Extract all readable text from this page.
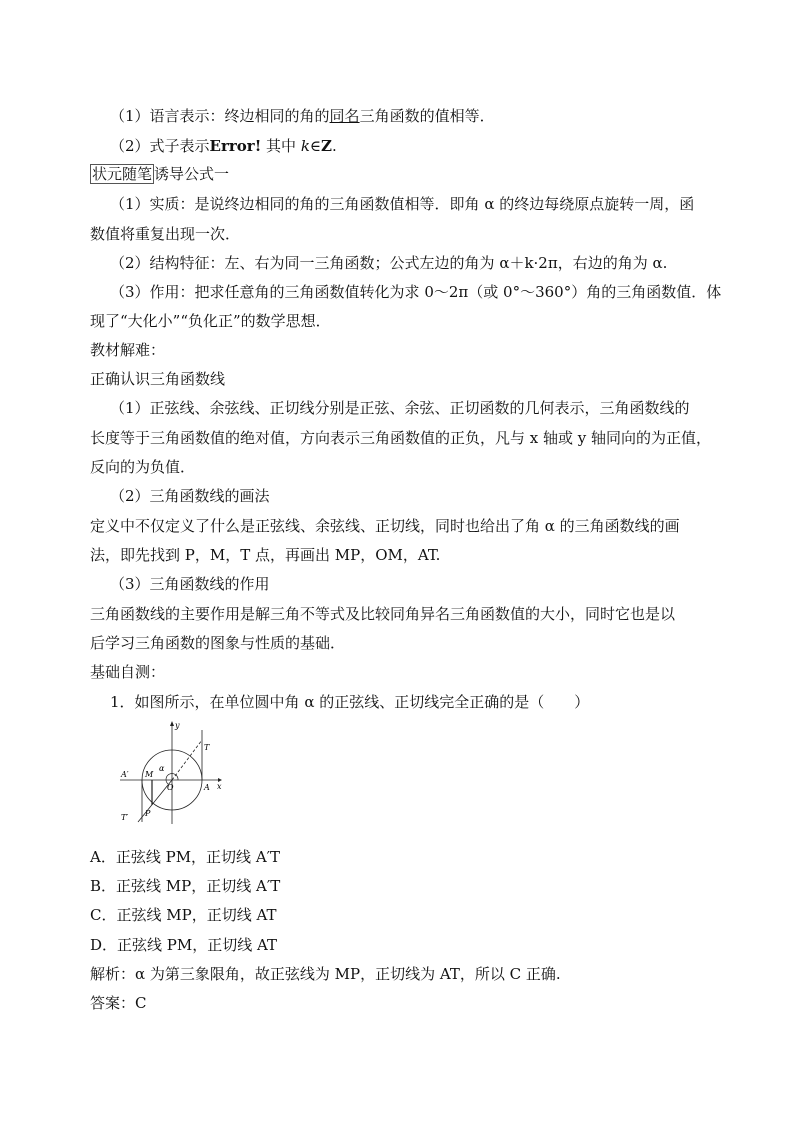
（1）语言表示：终边相同的角的同名三角函数的值相等．
（2）式子表示Error! 其中 k∈Z.
状元随笔 诱导公式一
（1）实质：是说终边相同的角的三角函数值相等．即角 α 的终边每绕原点旋转一周，函
数值将重复出现一次．
（2）结构特征：左、右为同一三角函数；公式左边的角为 α＋k·2π，右边的角为 α.
（3）作用：把求任意角的三角函数值转化为求 0～2π（或 0°～360°）角的三角函数值．体
现了“大化小”“负化正”的数学思想．
教材解难：
正确认识三角函数线
（1）正弦线、余弦线、正切线分别是正弦、余弦、正切函数的几何表示，三角函数线的
长度等于三角函数值的绝对值，方向表示三角函数值的正负，凡与 x 轴或 y 轴同向的为正值，
反向的为负值．
（2）三角函数线的画法
定义中不仅定义了什么是正弦线、余弦线、正切线，同时也给出了角 α 的三角函数线的画
法，即先找到 P，M，T 点，再画出 MP，OM，AT.
（3）三角函数线的作用
三角函数线的主要作用是解三角不等式及比较同角异名三角函数值的大小，同时它也是以
后学习三角函数的图象与性质的基础．
基础自测：
1．如图所示，在单位圆中角 α 的正弦线、正切线完全正确的是（　　）
y
x
T
A′ M
α
O	A
T′ P
A．正弦线 PM，正切线 A′T
B．正弦线 MP，正切线 A′T
C．正弦线 MP，正切线 AT
D．正弦线 PM，正切线 AT
解析：α 为第三象限角，故正弦线为 MP，正切线为 AT，所以 C 正确.
答案：C
